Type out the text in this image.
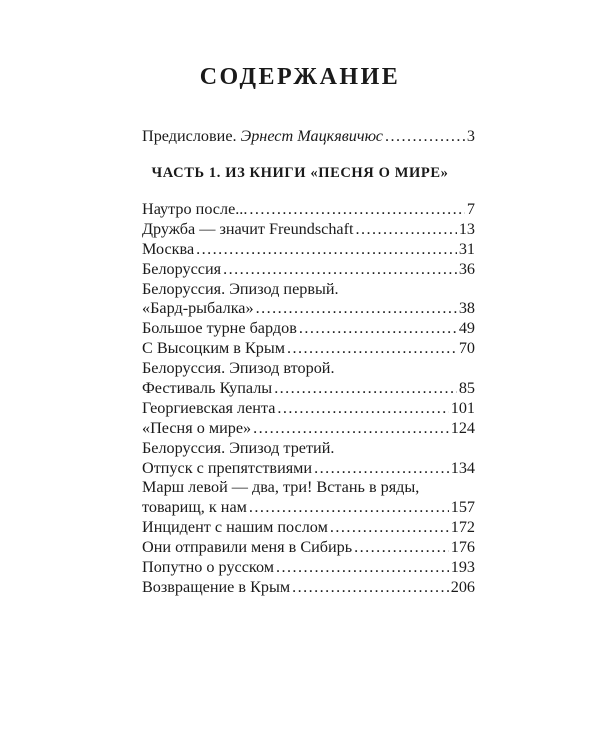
СОДЕРЖАНИЕ
Предисловие. Эрнест Мацкявичюс . . .	3
ЧАСТЬ 1. ИЗ КНИГИ «ПЕСНЯ О МИРЕ»
Наутро после... . . .	7
Дружба — значит Freundschaft . . .	13
Москва . . .	31
Белоруссия . . .	36
Белоруссия. Эпизод первый.
«Бард-рыбалка» . . .	38
Большое турне бардов . . .	49
С Высоцким в Крым . . .	70
Белоруссия. Эпизод второй.
Фестиваль Купалы . . .	85
Георгиевская лента . . .	101
«Песня о мире» . . .	124
Белоруссия. Эпизод третий.
Отпуск с препятствиями . . .	134
Марш левой — два, три! Встань в ряды,
товарищ, к нам . . .	157
Инцидент с нашим послом . . .	172
Они отправили меня в Сибирь . . .	176
Попутно о русском . . .	193
Возвращение в Крым . . .	206
